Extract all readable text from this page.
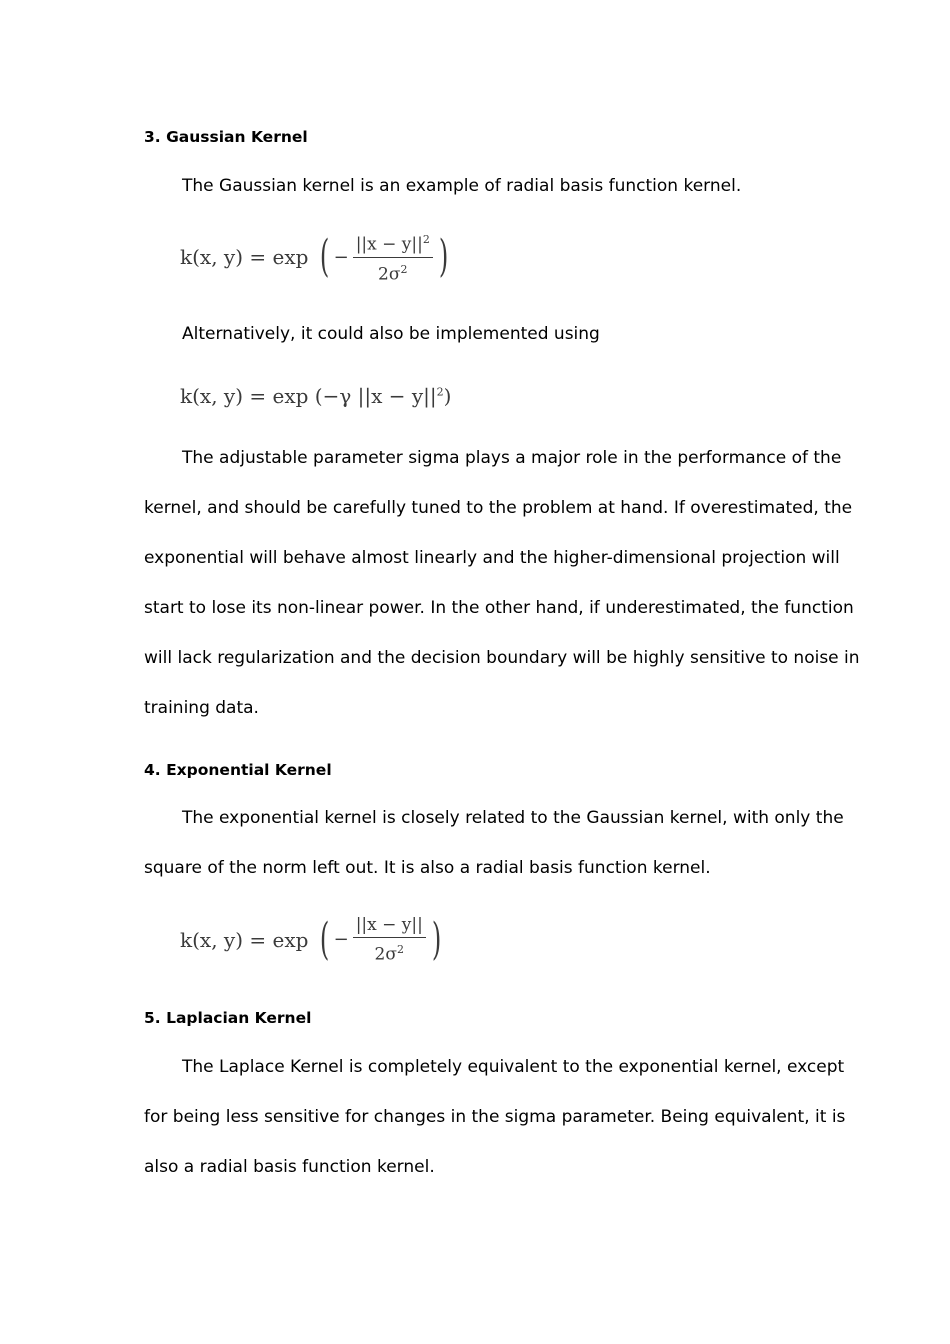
3. Gaussian Kernel
The Gaussian kernel is an example of radial basis function kernel.
k(x, y) = exp ( − $\frac{||x - y||^2}{2\sigma^2}$ )
Alternatively, it could also be implemented using
k(x, y) = exp (−γ $||x - y||^2$)
The adjustable parameter sigma plays a major role in the performance of the
kernel, and should be carefully tuned to the problem at hand. If overestimated, the
exponential will behave almost linearly and the higher-dimensional projection will
start to lose its non-linear power. In the other hand, if underestimated, the function
will lack regularization and the decision boundary will be highly sensitive to noise in
training data.
4. Exponential Kernel
The exponential kernel is closely related to the Gaussian kernel, with only the
square of the norm left out. It is also a radial basis function kernel.
k(x, y) = exp ( − $\frac{||x - y||}{2\sigma^2}$ )
5. Laplacian Kernel
The Laplace Kernel is completely equivalent to the exponential kernel, except
for being less sensitive for changes in the sigma parameter. Being equivalent, it is
also a radial basis function kernel.
